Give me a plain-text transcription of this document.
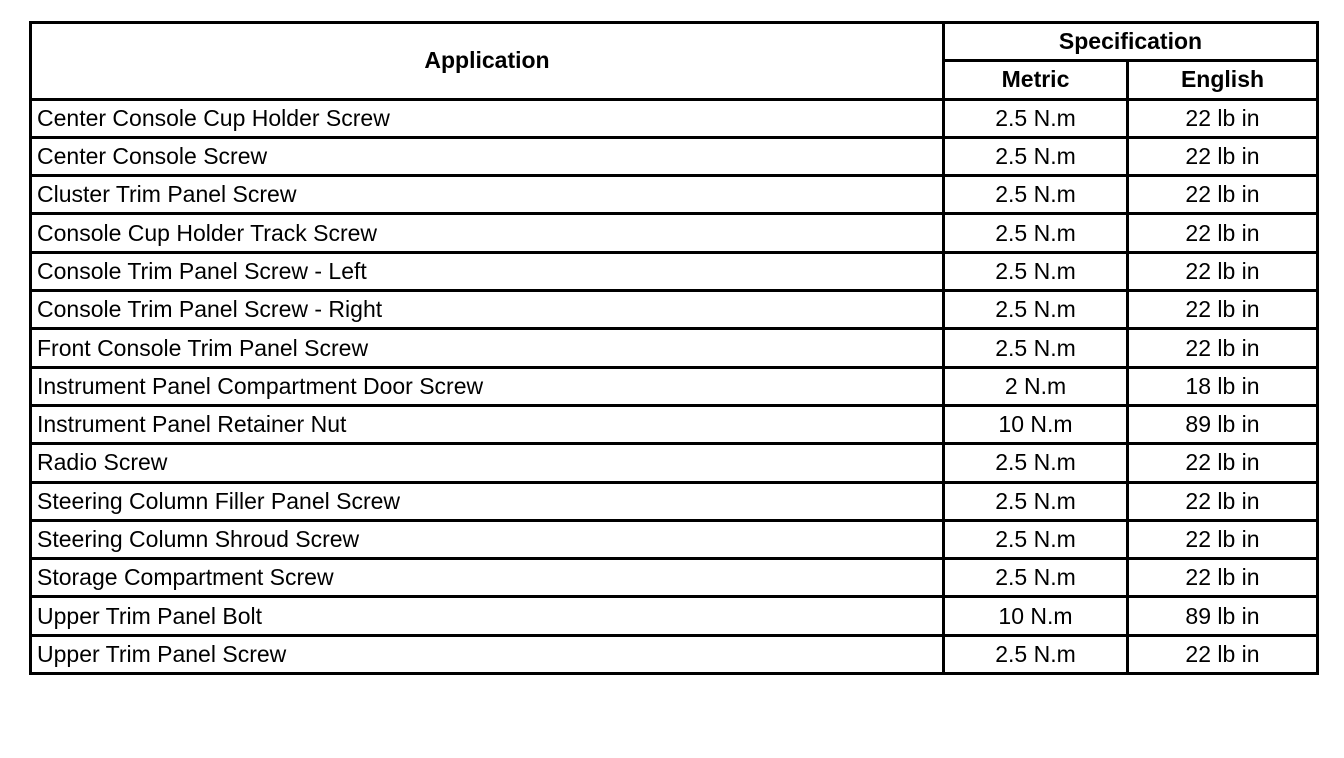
Application	Specification	
	Metric	English
Center Console Cup Holder Screw	2.5 N.m	22 lb in
Center Console Screw	2.5 N.m	22 lb in
Cluster Trim Panel Screw	2.5 N.m	22 lb in
Console Cup Holder Track Screw	2.5 N.m	22 lb in
Console Trim Panel Screw - Left	2.5 N.m	22 lb in
Console Trim Panel Screw - Right	2.5 N.m	22 lb in
Front Console Trim Panel Screw	2.5 N.m	22 lb in
Instrument Panel Compartment Door Screw	2 N.m	18 lb in
Instrument Panel Retainer Nut	10 N.m	89 lb in
Radio Screw	2.5 N.m	22 lb in
Steering Column Filler Panel Screw	2.5 N.m	22 lb in
Steering Column Shroud Screw	2.5 N.m	22 lb in
Storage Compartment Screw	2.5 N.m	22 lb in
Upper Trim Panel Bolt	10 N.m	89 lb in
Upper Trim Panel Screw	2.5 N.m	22 lb in
